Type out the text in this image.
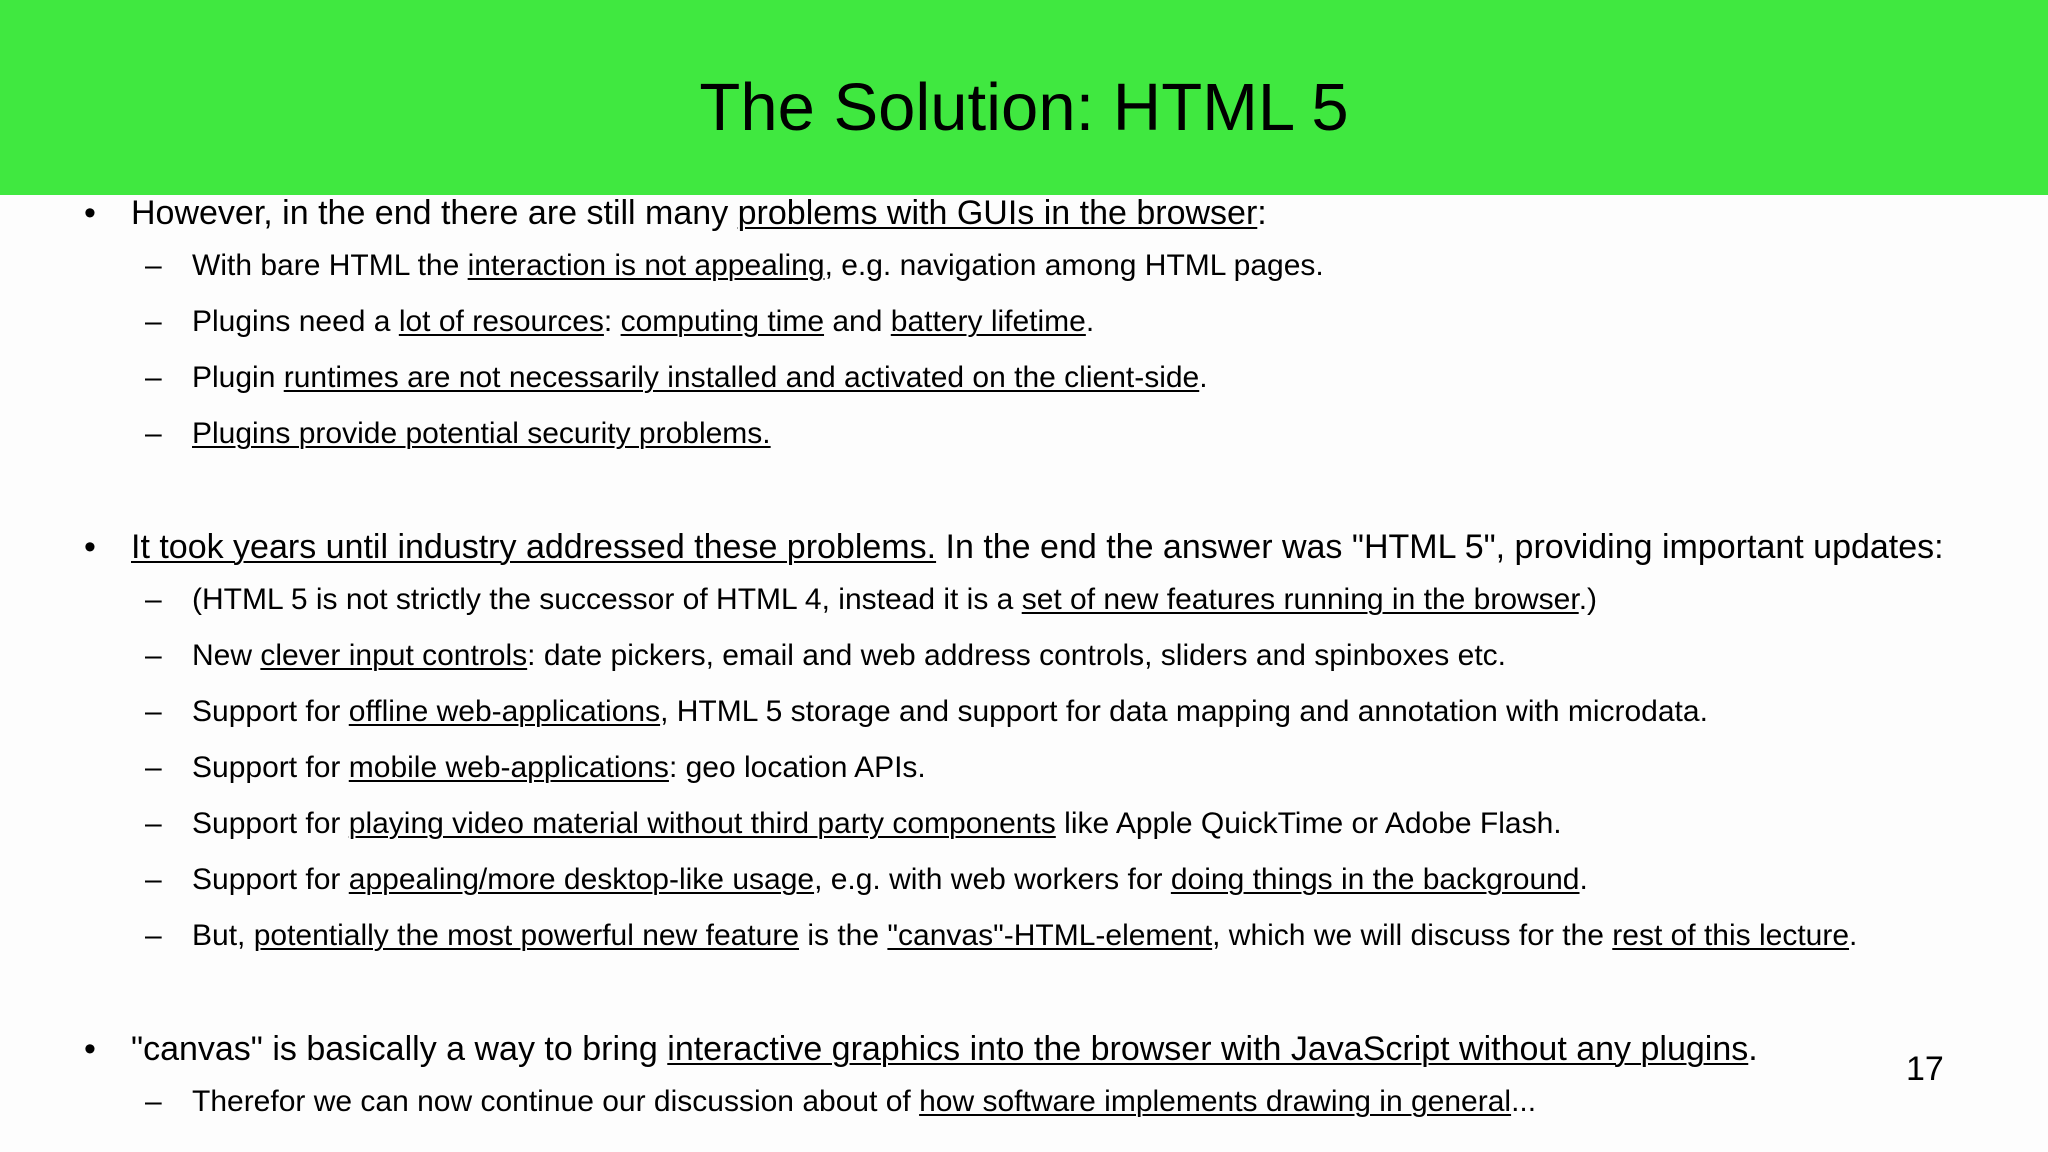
The Solution: HTML 5
• However, in the end there are still many problems with GUIs in the browser:
– With bare HTML the interaction is not appealing, e.g. navigation among HTML pages.
– Plugins need a lot of resources: computing time and battery lifetime.
– Plugin runtimes are not necessarily installed and activated on the client-side.
– Plugins provide potential security problems.
• It took years until industry addressed these problems. In the end the answer was "HTML 5", providing important updates:
– (HTML 5 is not strictly the successor of HTML 4, instead it is a set of new features running in the browser.)
– New clever input controls: date pickers, email and web address controls, sliders and spinboxes etc.
– Support for offline web-applications, HTML 5 storage and support for data mapping and annotation with microdata.
– Support for mobile web-applications: geo location APIs.
– Support for playing video material without third party components like Apple QuickTime or Adobe Flash.
– Support for appealing/more desktop-like usage, e.g. with web workers for doing things in the background.
– But, potentially the most powerful new feature is the "canvas"-HTML-element, which we will discuss for the rest of this lecture.
• "canvas" is basically a way to bring interactive graphics into the browser with JavaScript without any plugins.
– Therefor we can now continue our discussion about of how software implements drawing in general...
17
